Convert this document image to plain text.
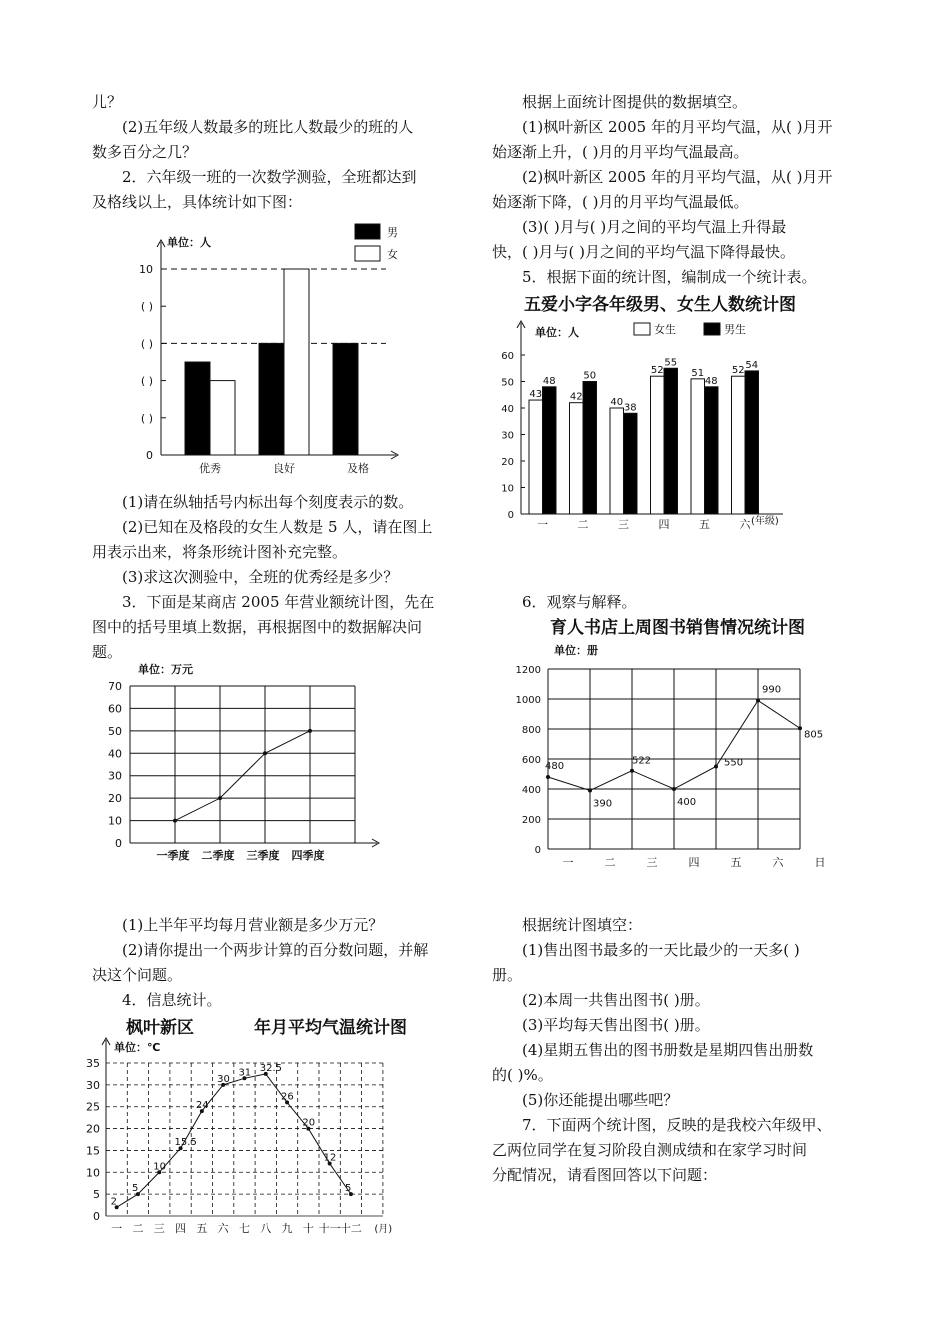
儿？

(2)五年级人数最多的班比人数最少的班的人

数多百分之几？

2．六年级一班的一次数学测验，全班都达到

及格线以上，具体统计如下图：

(1)请在纵轴括号内标出每个刻度表示的数。

(2)已知在及格段的女生人数是 5 人，请在图上

用表示出来，将条形统计图补充完整。

(3)求这次测验中，全班的优秀经是多少？

3．下面是某商店 2005 年营业额统计图，先在

图中的括号里填上数据，再根据图中的数据解决问

题。

(1)上半年平均每月营业额是多少万元？

(2)请你提出一个两步计算的百分数问题，并解

决这个问题。

4．信息统计。

枫叶新区	年月平均气温统计图

根据上面统计图提供的数据填空。

(1)枫叶新区 2005 年的月平均气温，从( )月开

始逐渐上升，( )月的月平均气温最高。

(2)枫叶新区 2005 年的月平均气温，从( )月开

始逐渐下降，( )月的月平均气温最低。

(3)( )月与( )月之间的平均气温上升得最

快，( )月与( )月之间的平均气温下降得最快。

5．根据下面的统计图，编制成一个统计表。

五爱小字各年级男、女生人数统计图

6．观察与解释。

育人书店上周图书销售情况统计图

根据统计图填空：

(1)售出图书最多的一天比最少的一天多( )

册。

(2)本周一共售出图书( )册。

(3)平均每天售出图书( )册。

(4)星期五售出的图书册数是星期四售出册数

的( )%。

(5)你还能提出哪些吧？

7．下面两个统计图，反映的是我校六年级甲、

乙两位同学在复习阶段自测成绩和在家学习时间

分配情况，请看图回答以下问题：

单位：人
0
( )
( )
( )
( )
10
优秀	良好	及格
男
女
0
10
20
30
40
50
60
70
单位：万元
一季度 二季度 三季度 四季度
0
5
10
15
20
25
30
35
单位：℃
2
一
5
二
10
三
15.5
四
24
五
30
六
31
七
32.5
八
26
九
20
十
12
十一
5
十二 (月)
单位：人
0
10
20
30
40
50
60
43
48
一
42
50
二
40 38
三
52
55
四
51
48
五
52 54
六 (年级)
女生	男生
0
200
400
600
800
1000
1200
单位：册
480
一
390
二
522
三
400
四
550
五
990
六
805
日
